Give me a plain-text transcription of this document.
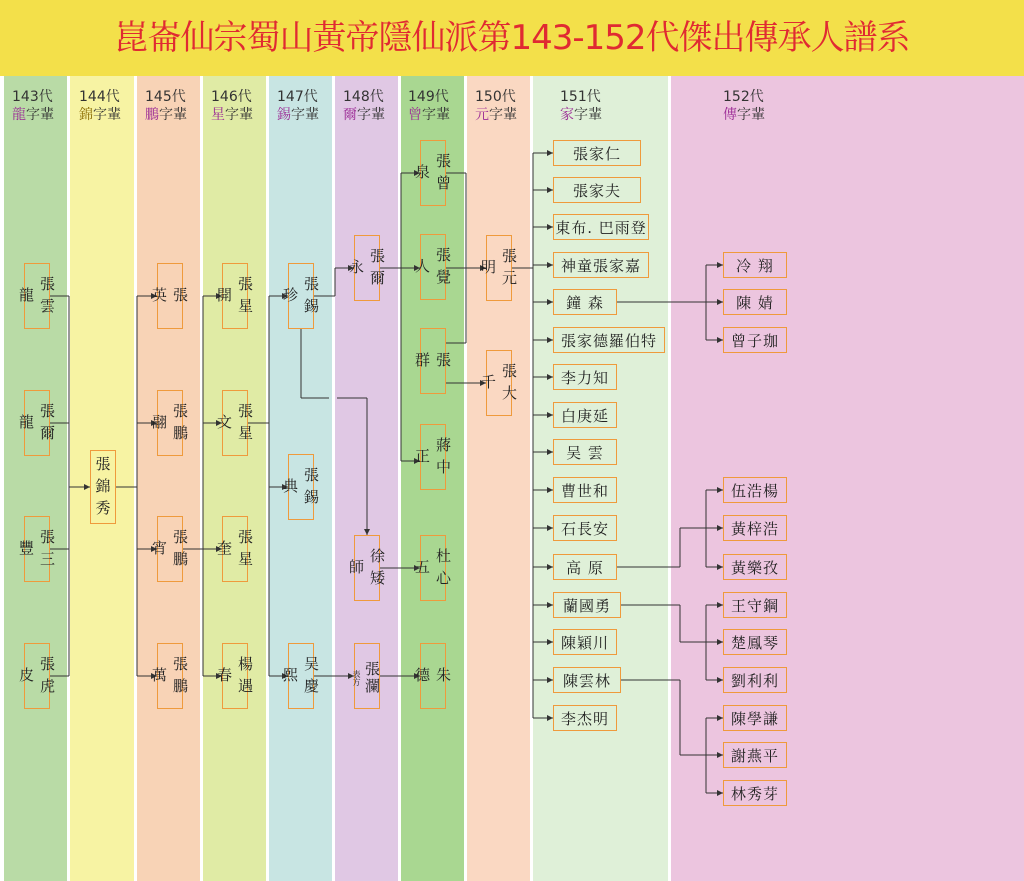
崑崙仙宗蜀山黃帝隱仙派第143-152代傑出傳承人譜系
143代
龍字輩
144代
錦字輩
145代
鵬字輩
146代
星字輩
147代
錫字輩
148代
爾字輩
149代
曾字輩
150代
元字輩
151代
家字輩
152代
傳字輩
張雲龍
張爾龍
張三豐
張虎皮
張錦秀
張 英
張鵬翮
張鵬宵
張鵬萬
張星開
張星文
張星奎
楊遇春
張錫珍
張錫典
吴慶熙
張爾永
徐矮師
張瀾
表方
張曾泉
張覺人
張 群
蔣中正
杜心五
朱 德
張元明
張大千
張家仁
張家夫
東布. 巴雨登
神童張家嘉
鐘 森
張家德羅伯特
李力知
白庚延
吴 雲
曹世和
石長安
高 原
蘭國勇
陳穎川
陳雲林
李杰明
冷 翔
陳 婧
曾子珈
伍浩楊
黃梓浩
黃樂孜
王守鋼
楚鳳琴
劉利利
陳學謙
謝燕平
林秀芽
